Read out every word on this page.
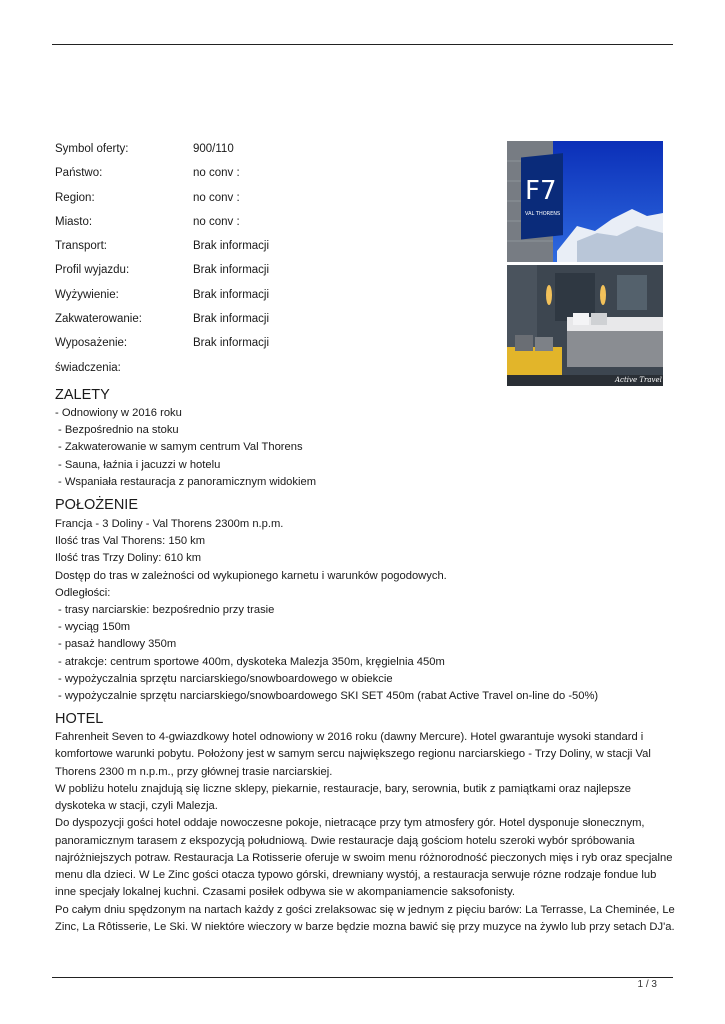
Symbol oferty:	900/110
Państwo:	no conv :
Region:	no conv :
Miasto:	no conv :
Transport:	Brak informacji
Profil wyjazdu:	Brak informacji
Wyżywienie:	Brak informacji
Zakwaterowanie:	Brak informacji
Wyposażenie:	Brak informacji
świadczenia:
F7
VAL THORENS
Active Travel
ZALETY
- Odnowiony w 2016 roku
- Bezpośrednio na stoku
- Zakwaterowanie w samym centrum Val Thorens
- Sauna, łaźnia i jacuzzi w hotelu
- Wspaniała restauracja z panoramicznym widokiem
POŁOŻENIE
Francja - 3 Doliny - Val Thorens 2300m n.p.m.
Ilość tras Val Thorens: 150 km
Ilość tras Trzy Doliny: 610 km
Dostęp do tras w zależności od wykupionego karnetu i warunków pogodowych.
Odległości:
- trasy narciarskie: bezpośrednio przy trasie
- wyciąg 150m
- pasaż handlowy 350m
- atrakcje: centrum sportowe 400m, dyskoteka Malezja 350m, kręgielnia 450m
- wypożyczalnia sprzętu narciarskiego/snowboardowego w obiekcie
- wypożyczalnie sprzętu narciarskiego/snowboardowego SKI SET 450m (rabat Active Travel on-line do -50%)
HOTEL

Fahrenheit Seven to 4-gwiazdkowy hotel odnowiony w 2016 roku (dawny Mercure). Hotel gwarantuje wysoki standard i komfortowe warunki pobytu. Położony jest w samym sercu największego regionu narciarskiego - Trzy Doliny, w stacji Val Thorens 2300 m n.p.m., przy głównej trasie narciarskiej.

W pobliżu hotelu znajdują się liczne sklepy, piekarnie, restauracje, bary, serownia, butik z pamiątkami oraz najlepsze dyskoteka w stacji, czyli Malezja.

Do dyspozycji gości hotel oddaje nowoczesne pokoje, nietracące przy tym atmosfery gór. Hotel dysponuje słonecznym, panoramicznym tarasem z ekspozycją południową. Dwie restauracje dają gościom hotelu szeroki wybór spróbowania najróżniejszych potraw. Restauracja La Rotisserie oferuje w swoim menu różnorodność pieczonych mięs i ryb oraz specjalne menu dla dzieci. W Le Zinc gości otacza typowo górski, drewniany wystój, a restauracja serwuje rózne rodzaje fondue lub inne specjały lokalnej kuchni. Czasami posiłek odbywa sie w akompaniamencie saksofonisty.

Po całym dniu spędzonym na nartach każdy z gości zrelaksowac się w jednym z pięciu barów: La Terrasse, La Cheminée, Le Zinc, La Rôtisserie, Le Ski. W niektóre wieczory w barze będzie mozna bawić się przy muzyce na żywlo lub przy setach DJ'a.

1 / 3
